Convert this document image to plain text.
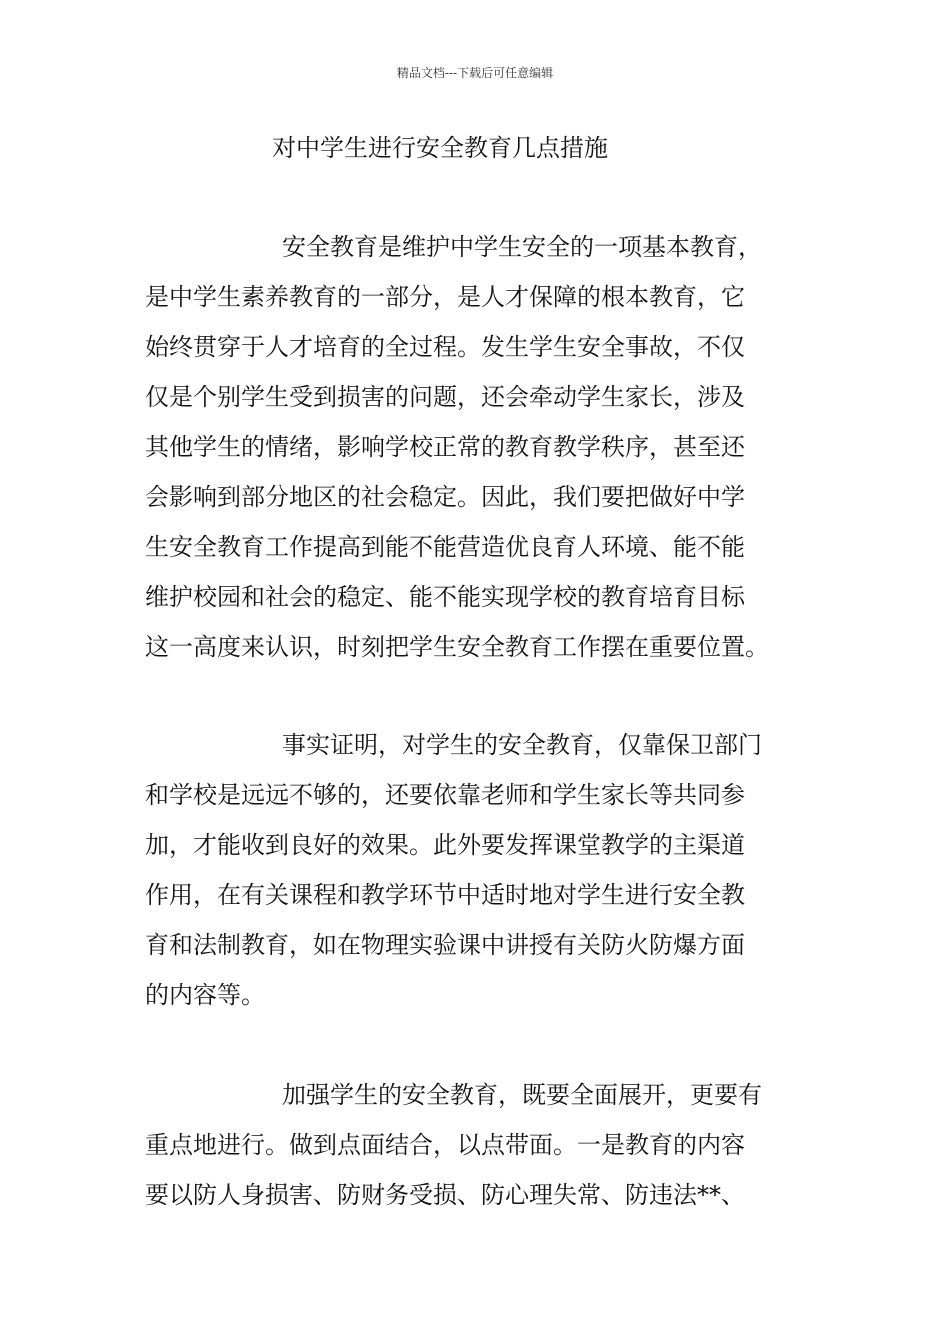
精品文档---下载后可任意编辑
对中学生进行安全教育几点措施
安全教育是维护中学生安全的一项基本教育，
是中学生素养教育的一部分，是人才保障的根本教育，它
始终贯穿于人才培育的全过程。发生学生安全事故，不仅
仅是个别学生受到损害的问题，还会牵动学生家长，涉及
其他学生的情绪，影响学校正常的教育教学秩序，甚至还
会影响到部分地区的社会稳定。因此，我们要把做好中学
生安全教育工作提高到能不能营造优良育人环境、能不能
维护校园和社会的稳定、能不能实现学校的教育培育目标
这一高度来认识，时刻把学生安全教育工作摆在重要位置。
事实证明，对学生的安全教育，仅靠保卫部门
和学校是远远不够的，还要依靠老师和学生家长等共同参
加，才能收到良好的效果。此外要发挥课堂教学的主渠道
作用，在有关课程和教学环节中适时地对学生进行安全教
育和法制教育，如在物理实验课中讲授有关防火防爆方面
的内容等。
加强学生的安全教育，既要全面展开，更要有
重点地进行。做到点面结合，以点带面。一是教育的内容
要以防人身损害、防财务受损、防心理失常、防违法**、
